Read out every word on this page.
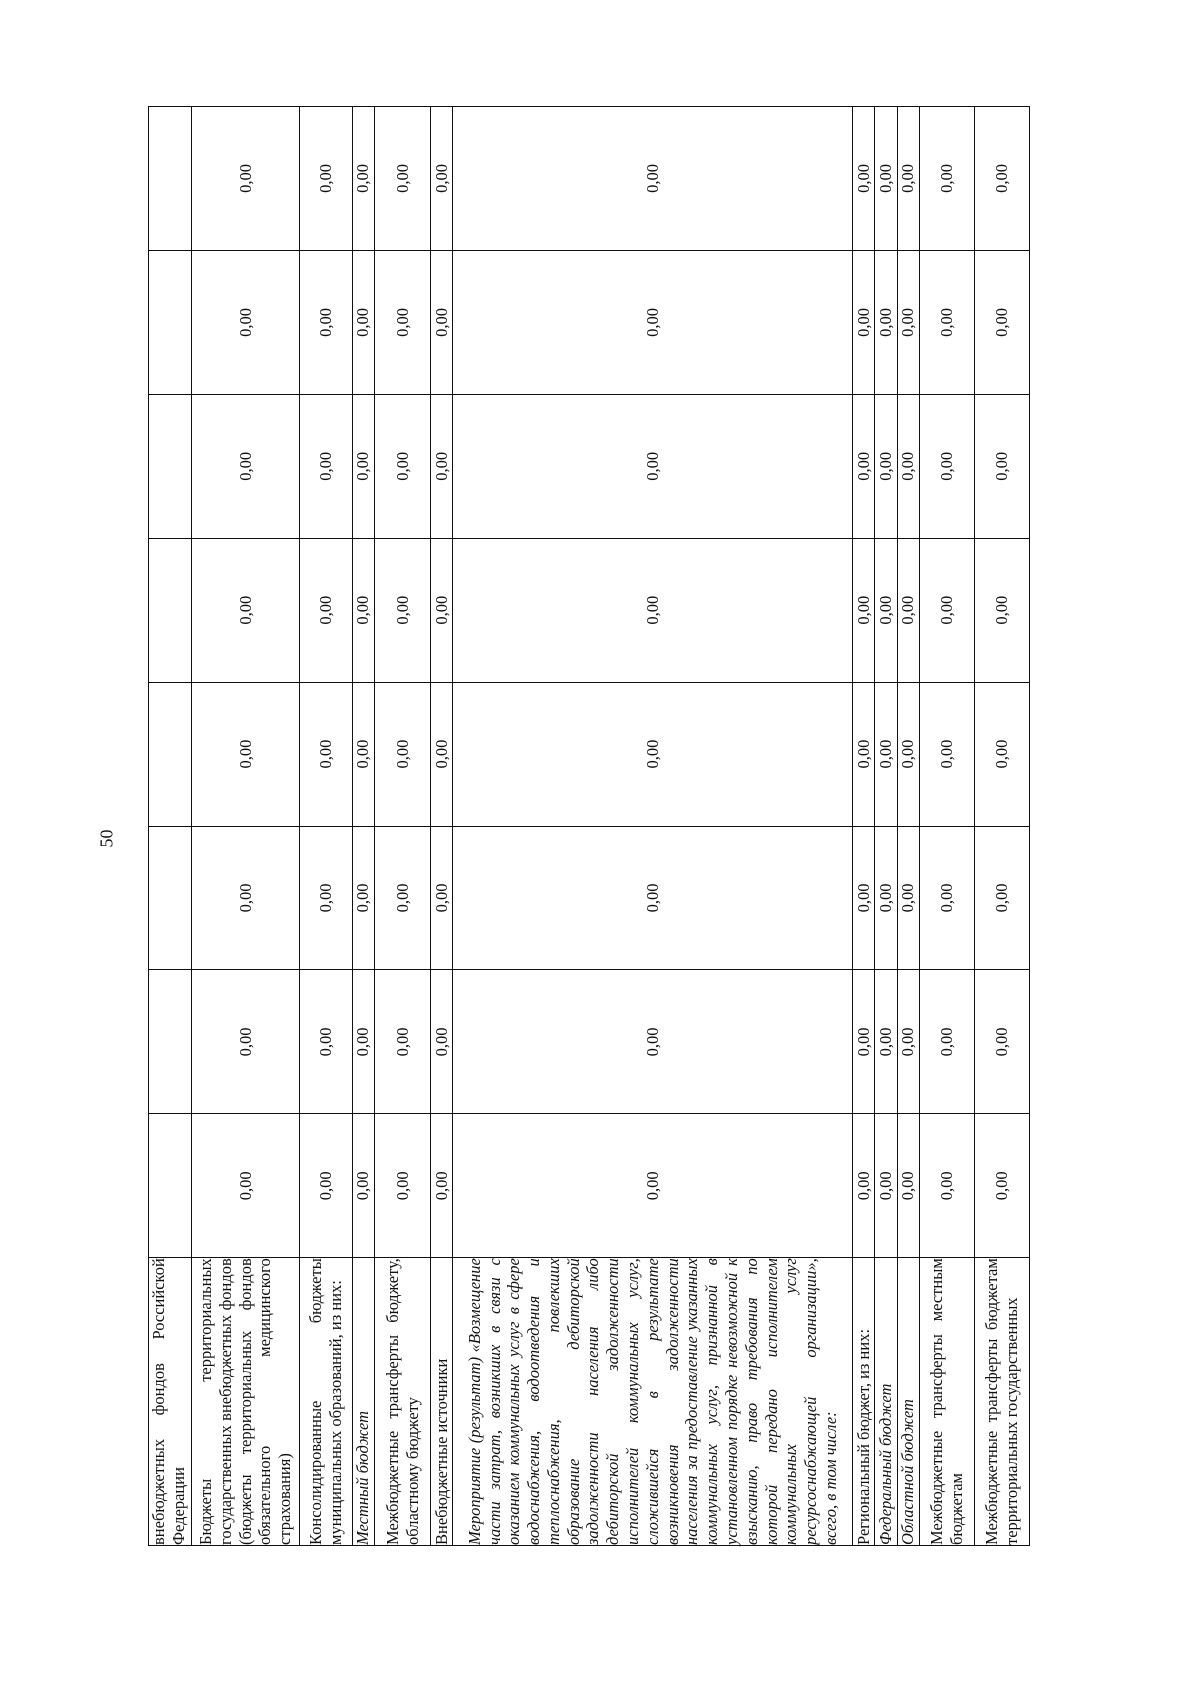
50
внебюджетных фондов Российской Федерации								
Бюджеты территориальных государственных внебюджетных фондов (бюджеты территориальных фондов обязательного медицинского страхования)	0,00	0,00	0,00	0,00	0,00	0,00	0,00	0,00
Консолидированные бюджеты муниципальных образований, из них:	0,00	0,00	0,00	0,00	0,00	0,00	0,00	0,00
Местный бюджет	0,00	0,00	0,00	0,00	0,00	0,00	0,00	0,00
Межбюджетные трансферты бюджету, областному бюджету	0,00	0,00	0,00	0,00	0,00	0,00	0,00	0,00
Внебюджетные источники	0,00	0,00	0,00	0,00	0,00	0,00	0,00	0,00
Мероприятие (результат) «Возмещение части затрат, возникших в связи с оказанием коммунальных услуг в сфере водоснабжения, водоотведения и теплоснабжения, повлекших образование дебиторской задолженности населения либо дебиторской задолженности исполнителей коммунальных услуг, сложившейся в результате возникновения задолженности населения за предоставление указанных коммунальных услуг, признанной в установленном порядке невозможной к взысканию, право требования по которой передано исполнителем коммунальных услуг ресурсоснабжающей организации», всего, в том числе:	0,00	0,00	0,00	0,00	0,00	0,00	0,00	0,00
Региональный бюджет, из них:	0,00	0,00	0,00	0,00	0,00	0,00	0,00	0,00
Федеральный бюджет	0,00	0,00	0,00	0,00	0,00	0,00	0,00	0,00
Областной бюджет	0,00	0,00	0,00	0,00	0,00	0,00	0,00	0,00
Межбюджетные трансферты местным бюджетам	0,00	0,00	0,00	0,00	0,00	0,00	0,00	0,00
Межбюджетные трансферты бюджетам территориальных государственных	0,00	0,00	0,00	0,00	0,00	0,00	0,00	0,00
